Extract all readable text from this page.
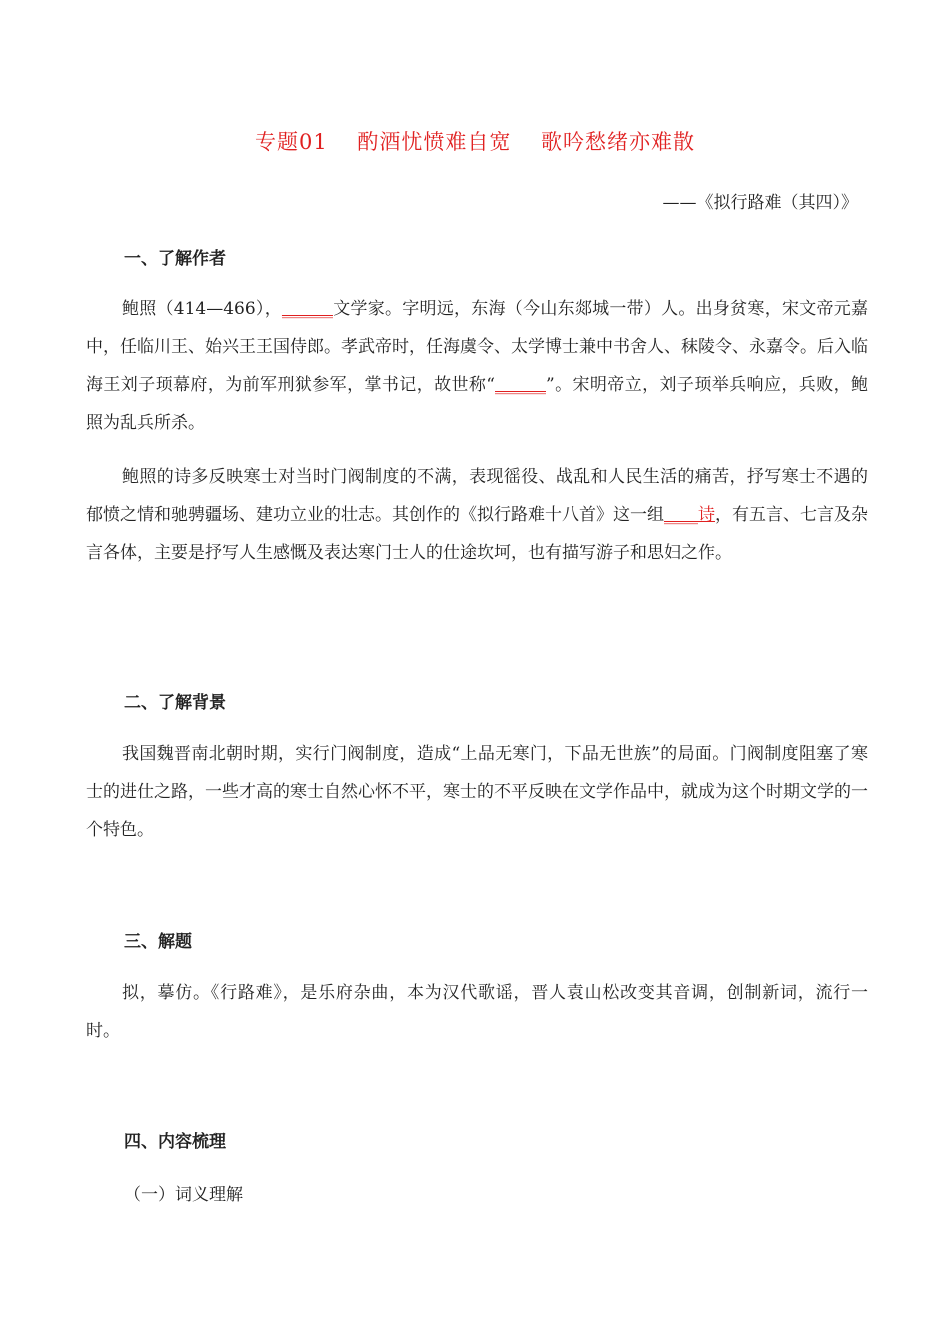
专题01　 酌酒忧愤难自宽　 歌吟愁绪亦难散
——《拟行路难（其四）》
一、了解作者
鲍照（414—466），______文学家。字明远，东海（今山东郯城一带）人。出身贫寒，宋文帝元嘉中，任临川王、始兴王王国侍郎。孝武帝时，任海虞令、太学博士兼中书舍人、秣陵令、永嘉令。后入临海王刘子顼幕府，为前军刑狱参军，掌书记，故世称“______”。宋明帝立，刘子顼举兵响应，兵败，鲍照为乱兵所杀。
鲍照的诗多反映寒士对当时门阀制度的不满，表现徭役、战乱和人民生活的痛苦，抒写寒士不遇的郁愤之情和驰骋疆场、建功立业的壮志。其创作的《拟行路难十八首》这一组____诗，有五言、七言及杂言各体，主要是抒写人生感慨及表达寒门士人的仕途坎坷，也有描写游子和思妇之作。
二、了解背景
我国魏晋南北朝时期，实行门阀制度，造成“上品无寒门，下品无世族”的局面。门阀制度阻塞了寒士的进仕之路，一些才高的寒士自然心怀不平，寒士的不平反映在文学作品中，就成为这个时期文学的一个特色。
三、解题
拟，摹仿。《行路难》，是乐府杂曲，本为汉代歌谣，晋人袁山松改变其音调，创制新词，流行一时。
四、内容梳理
（一）词义理解
